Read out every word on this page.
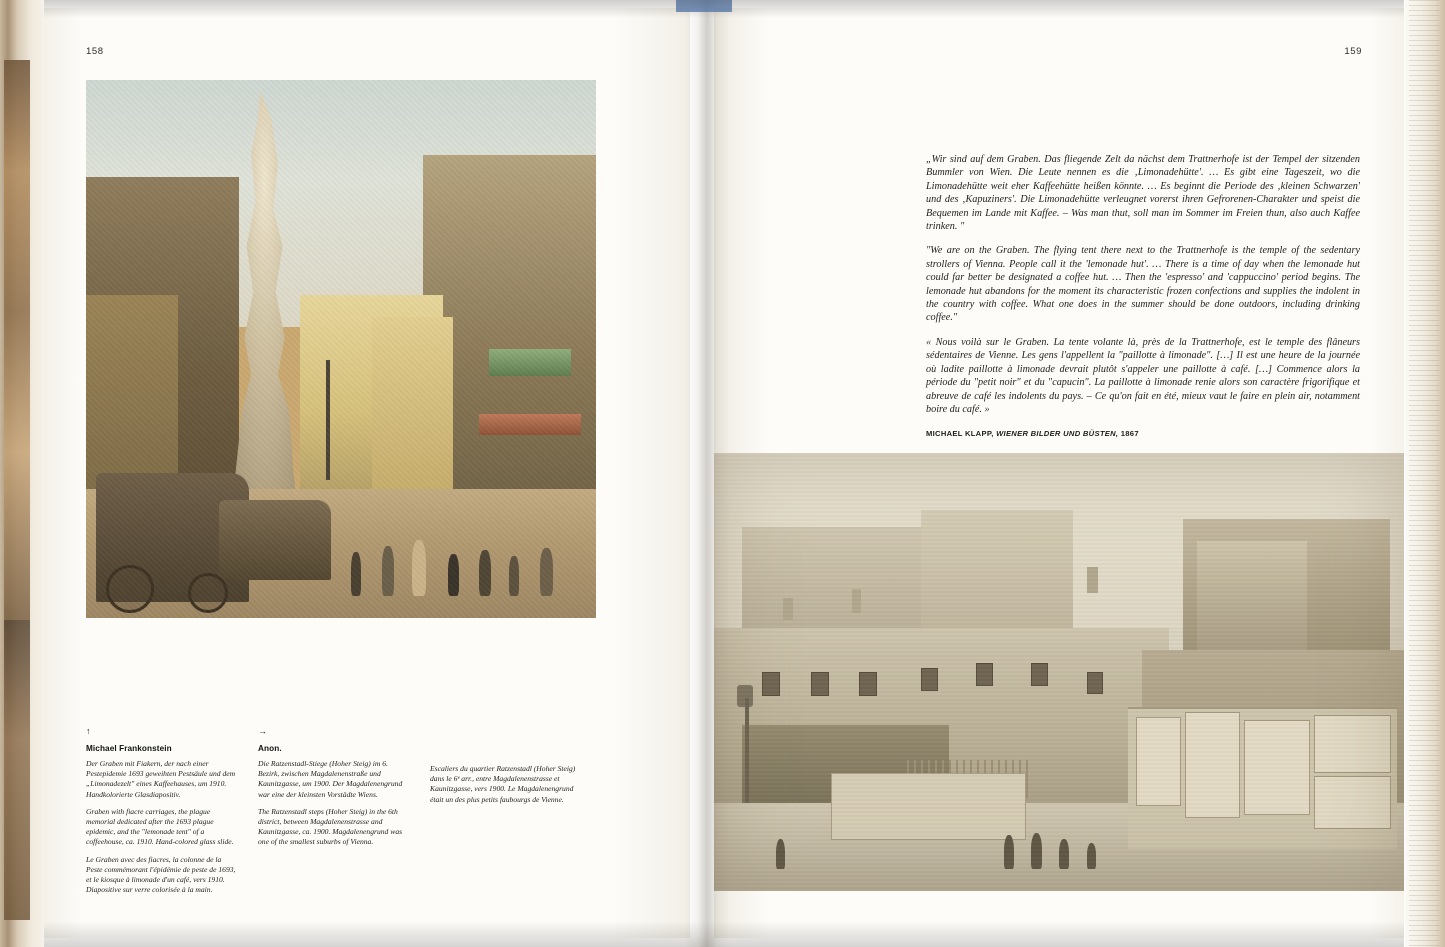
158
↑
Michael Frankonstein

Der Graben mit Fiakern, der nach einer Pestepidemie 1693 geweihten Pestsäule und dem „Limonadezelt" eines Kaffeehauses, um 1910. Handkolorierte Glasdiapositiv.

Graben with fiacre carriages, the plague memorial dedicated after the 1693 plague epidemic, and the "lemonade tent" of a coffeehouse, ca. 1910. Hand-colored glass slide.

Le Graben avec des fiacres, la colonne de la Peste commémorant l'épidémie de peste de 1693, et le kiosque à limonade d'un café, vers 1910. Diapositive sur verre colorisée à la main.

→
Anon.

Die Ratzenstadl-Stiege (Hoher Steig) im 6. Bezirk, zwischen Magdalenenstraße und Kaunitzgasse, um 1900. Der Magdalenengrund war eine der kleinsten Vorstädte Wiens.

The Ratzenstadl steps (Hoher Steig) in the 6th district, between Magdalenenstrasse and Kaunitzgasse, ca. 1900. Magdalenengrund was one of the smallest suburbs of Vienna.

Escaliers du quartier Ratzenstadl (Hoher Steig) dans le 6ᵉ arr., entre Magdalenenstrasse et Kaunitzgasse, vers 1900. Le Magdalenengrund était un des plus petits faubourgs de Vienne.

159

„Wir sind auf dem Graben. Das fliegende Zelt da nächst dem Trattnerhofe ist der Tempel der sitzenden Bummler von Wien. Die Leute nennen es die ‚Limonadehütte'. … Es gibt eine Tageszeit, wo die Limonadehütte weit eher Kaffeehütte heißen könnte. … Es beginnt die Periode des ‚kleinen Schwarzen' und des ‚Kapuziners'. Die Limonadehütte verleugnet vorerst ihren Gefrorenen-Charakter und speist die Bequemen im Lande mit Kaffee. – Was man thut, soll man im Sommer im Freien thun, also auch Kaffee trinken. "

"We are on the Graben. The flying tent there next to the Trattnerhofe is the temple of the sedentary strollers of Vienna. People call it the 'lemonade hut'. … There is a time of day when the lemonade hut could far better be designated a coffee hut. … Then the 'espresso' and 'cappuccino' period begins. The lemonade hut abandons for the moment its characteristic frozen confections and supplies the indolent in the country with coffee. What one does in the summer should be done outdoors, including drinking coffee."

« Nous voilà sur le Graben. La tente volante là, près de la Trattnerhofe, est le temple des flâneurs sédentaires de Vienne. Les gens l'appellent la "paillotte à limonade". […] Il est une heure de la journée où ladite paillotte à limonade devrait plutôt s'appeler une paillotte à café. […] Commence alors la période du "petit noir" et du "capucin". La paillotte à limonade renie alors son caractère frigorifique et abreuve de café les indolents du pays. – Ce qu'on fait en été, mieux vaut le faire en plein air, notamment boire du café. »

MICHAEL KLAPP, WIENER BILDER UND BÜSTEN, 1867
